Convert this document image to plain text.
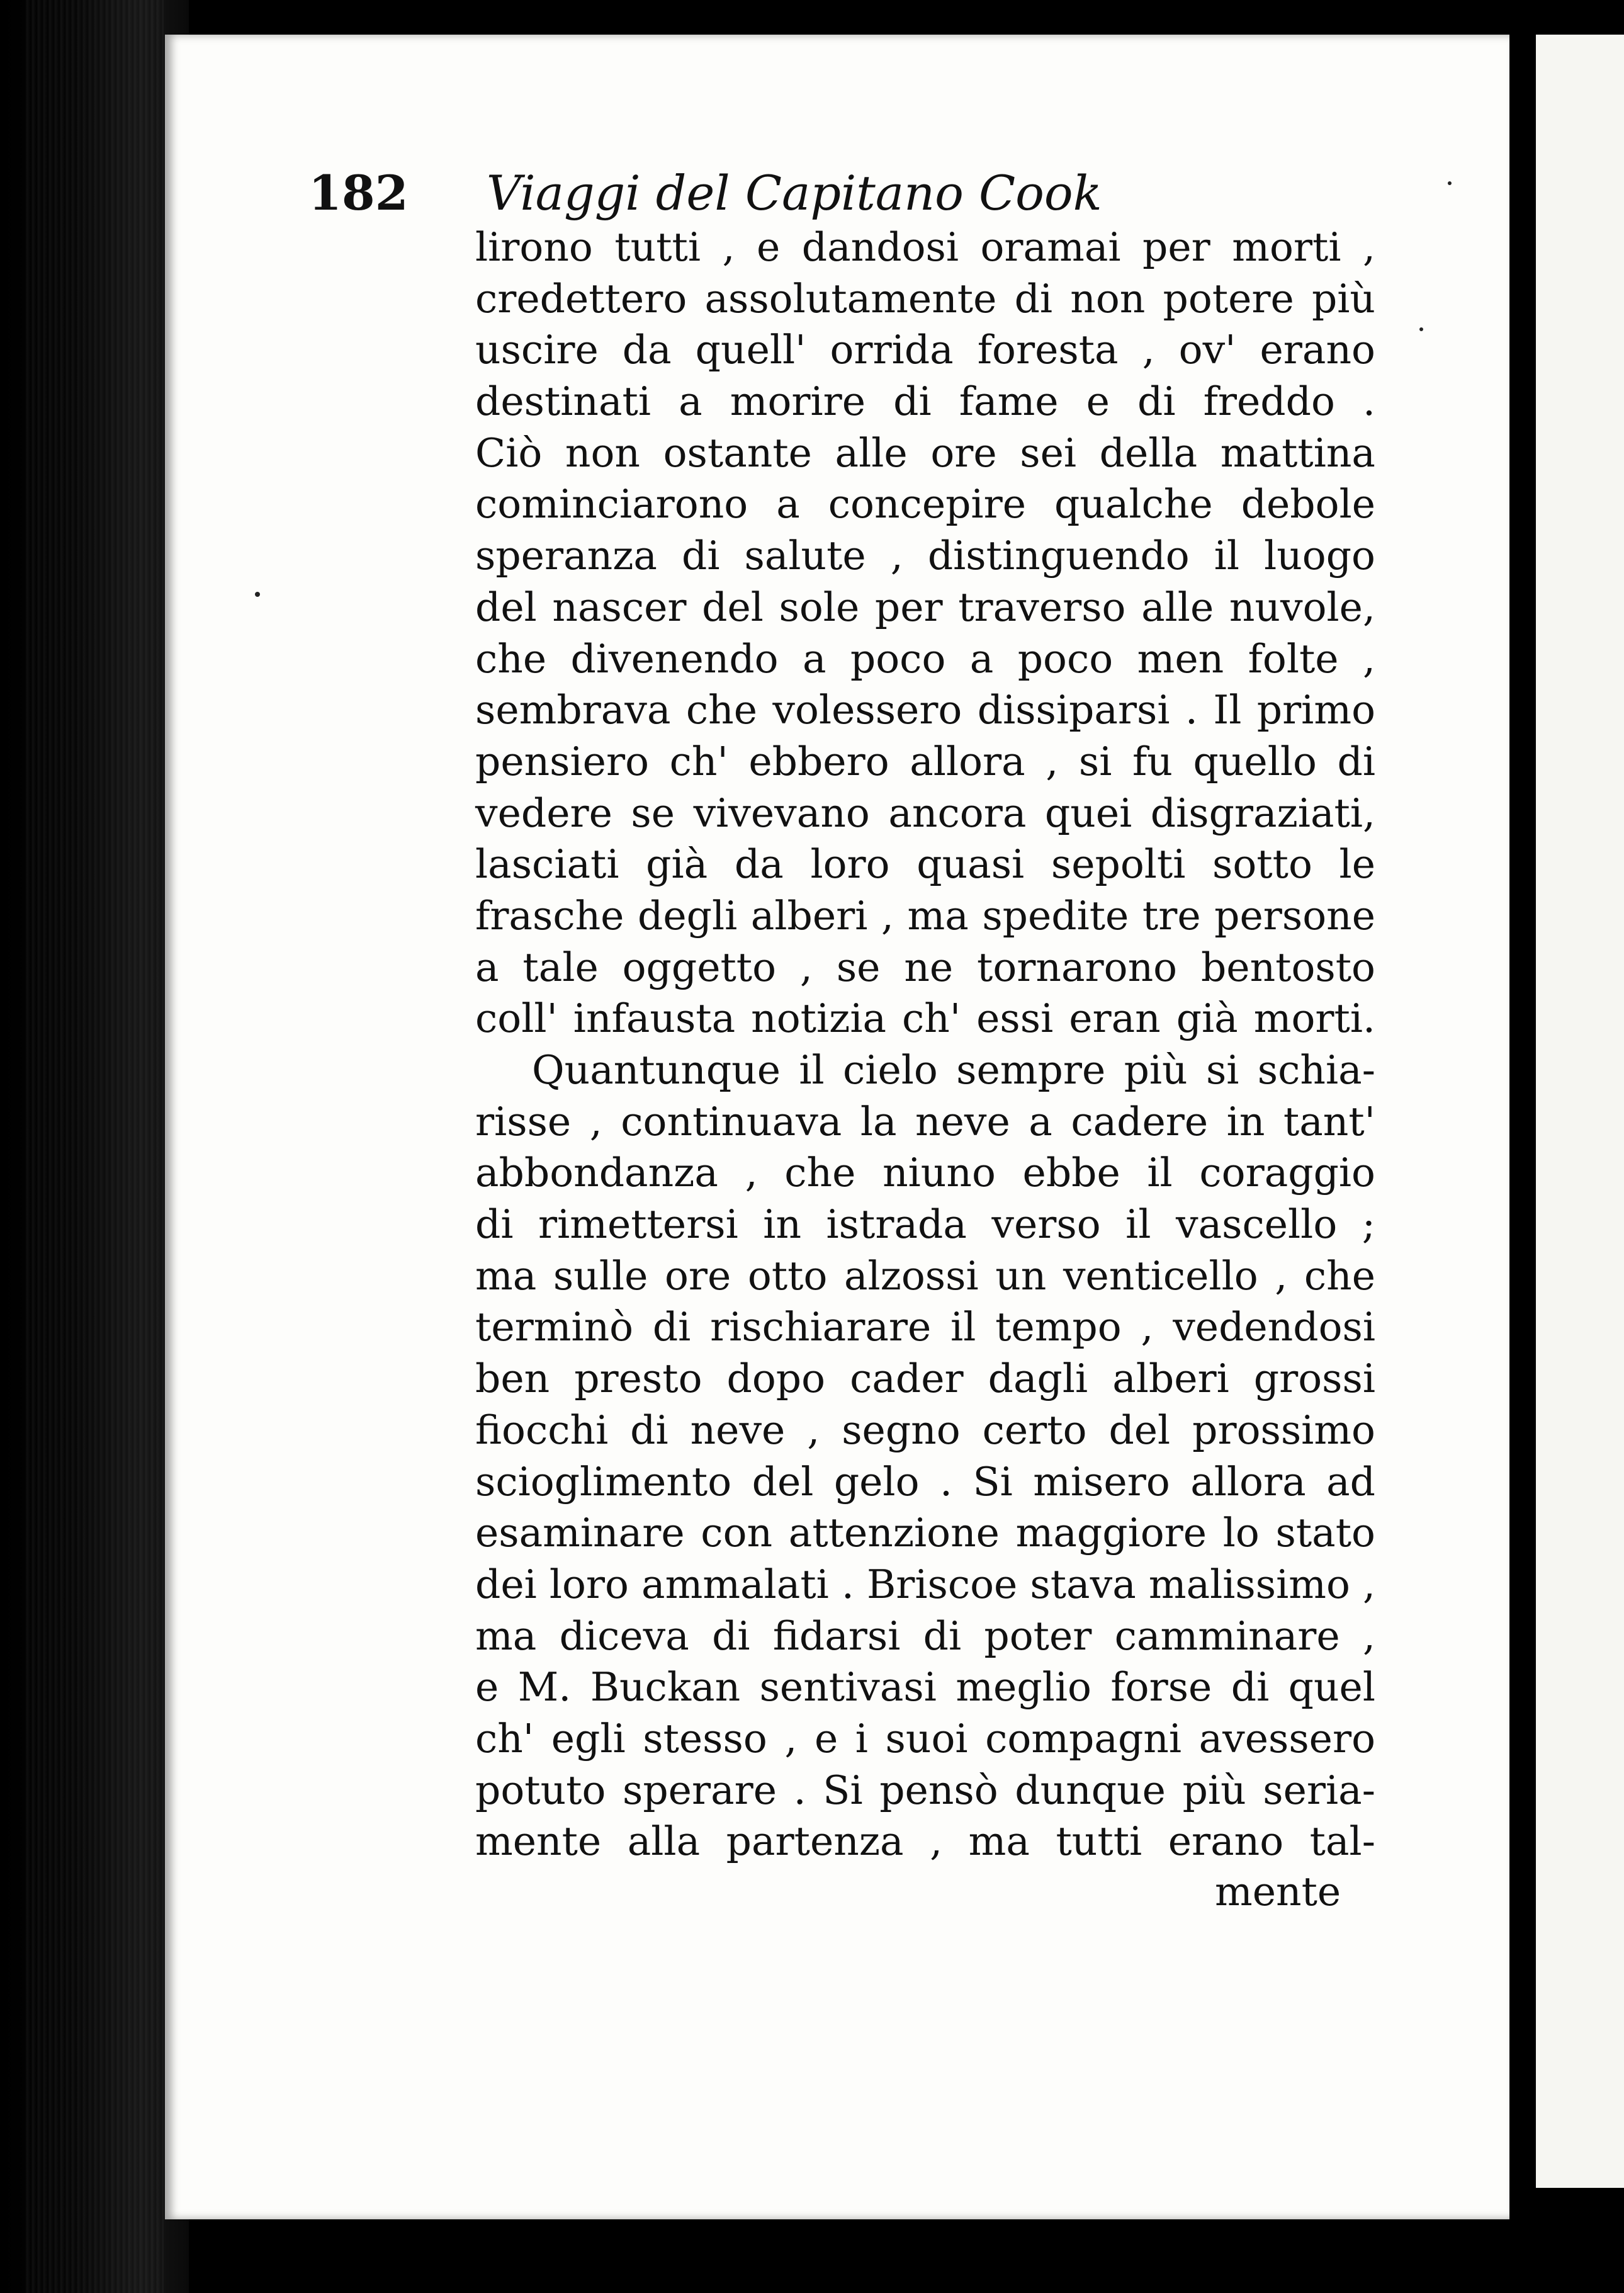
182 Viaggi del Capitano Cook
lirono tutti , e dandosi oramai per morti ,
credettero assolutamente di non potere più
uscire da quell' orrida foresta , ov' erano
destinati a morire di fame e di freddo .
Ciò non ostante alle ore sei della mattina
cominciarono a concepire qualche debole
speranza di salute , distinguendo il luogo
del nascer del sole per traverso alle nuvole,
che divenendo a poco a poco men folte ,
sembrava che volessero dissiparsi . Il primo
pensiero ch' ebbero allora , si fu quello di
vedere se vivevano ancora quei disgraziati,
lasciati già da loro quasi sepolti sotto le
frasche degli alberi , ma spedite tre persone
a tale oggetto , se ne tornarono bentosto
coll' infausta notizia ch' essi eran già morti.
Quantunque il cielo sempre più si schia-
risse , continuava la neve a cadere in tant'
abbondanza , che niuno ebbe il coraggio
di rimettersi in istrada verso il vascello ;
ma sulle ore otto alzossi un venticello , che
terminò di rischiarare il tempo , vedendosi
ben presto dopo cader dagli alberi grossi
fiocchi di neve , segno certo del prossimo
scioglimento del gelo . Si misero allora ad
esaminare con attenzione maggiore lo stato
dei loro ammalati . Briscoe stava malissimo ,
ma diceva di fidarsi di poter camminare ,
e M. Buckan sentivasi meglio forse di quel
ch' egli stesso , e i suoi compagni avessero
potuto sperare . Si pensò dunque più seria-
mente alla partenza , ma tutti erano tal-
mente
